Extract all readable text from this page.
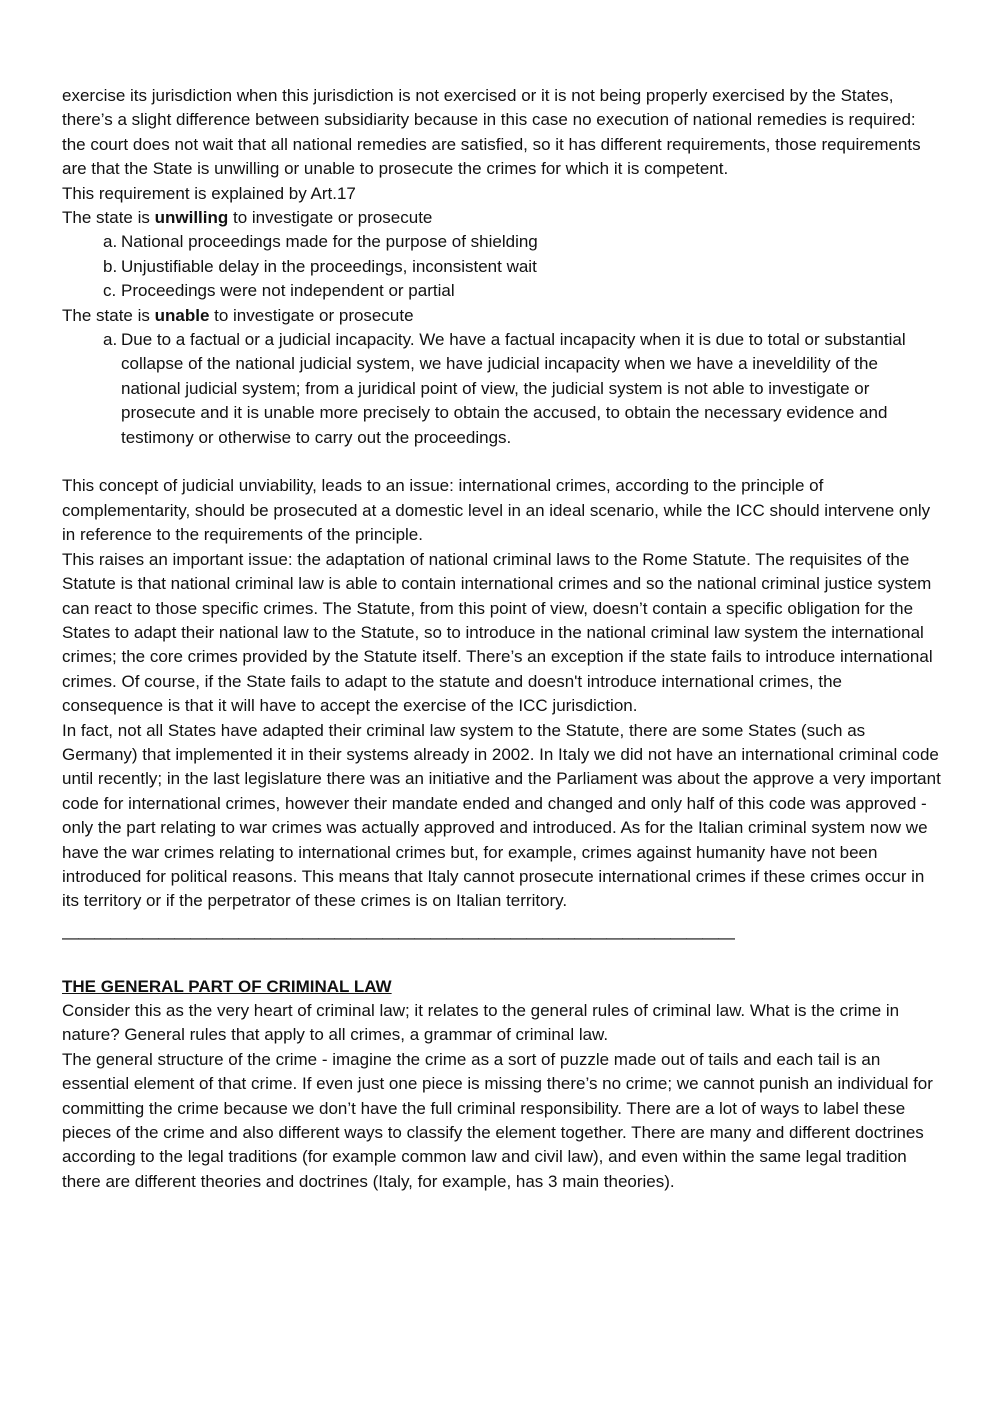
exercise its jurisdiction when this jurisdiction is not exercised or it is not being properly exercised by the States, there’s a slight difference between subsidiarity because in this case no execution of national remedies is required: the court does not wait that all national remedies are satisfied, so it has different requirements, those requirements are that the State is unwilling or unable to prosecute the crimes for which it is competent.

This requirement is explained by Art.17

The state is unwilling to investigate or prosecute

a. National proceedings made for the purpose of shielding
b. Unjustifiable delay in the proceedings, inconsistent wait
c. Proceedings were not independent or partial

The state is unable to investigate or prosecute

a. Due to a factual or a judicial incapacity. We have a factual incapacity when it is due to total or substantial collapse of the national judicial system, we have judicial incapacity when we have a ineveldility of the national judicial system; from a juridical point of view, the judicial system is not able to investigate or prosecute and it is unable more precisely to obtain the accused, to obtain the necessary evidence and testimony or otherwise to carry out the proceedings.

This concept of judicial unviability, leads to an issue: international crimes, according to the principle of complementarity, should be prosecuted at a domestic level in an ideal scenario, while the ICC should intervene only in reference to the requirements of the principle.

This raises an important issue: the adaptation of national criminal laws to the Rome Statute. The requisites of the Statute is that national criminal law is able to contain international crimes and so the national criminal justice system can react to those specific crimes. The Statute, from this point of view, doesn’t contain a specific obligation for the States to adapt their national law to the Statute, so to introduce in the national criminal law system the international crimes; the core crimes provided by the Statute itself. There’s an exception if the state fails to introduce international crimes. Of course, if the State fails to adapt to the statute and doesn't introduce international crimes, the consequence is that it will have to accept the exercise of the ICC jurisdiction.

In fact, not all States have adapted their criminal law system to the Statute, there are some States (such as Germany) that implemented it in their systems already in 2002. In Italy we did not have an international criminal code until recently; in the last legislature there was an initiative and the Parliament was about the approve a very important code for international crimes, however their mandate ended and changed and only half of this code was approved - only the part relating to war crimes was actually approved and introduced. As for the Italian criminal system now we have the war crimes relating to international crimes but, for example, crimes against humanity have not been introduced for political reasons. This means that Italy cannot prosecute international crimes if these crimes occur in its territory or if the perpetrator of these crimes is on Italian territory.

——————————————————————————————————————————

THE GENERAL PART OF CRIMINAL LAW

Consider this as the very heart of criminal law; it relates to the general rules of criminal law. What is the crime in nature? General rules that apply to all crimes, a grammar of criminal law.

The general structure of the crime - imagine the crime as a sort of puzzle made out of tails and each tail is an essential element of that crime. If even just one piece is missing there’s no crime; we cannot punish an individual for committing the crime because we don’t have the full criminal responsibility. There are a lot of ways to label these pieces of the crime and also different ways to classify the element together. There are many and different doctrines according to the legal traditions (for example common law and civil law), and even within the same legal tradition there are different theories and doctrines (Italy, for example, has 3 main theories).
